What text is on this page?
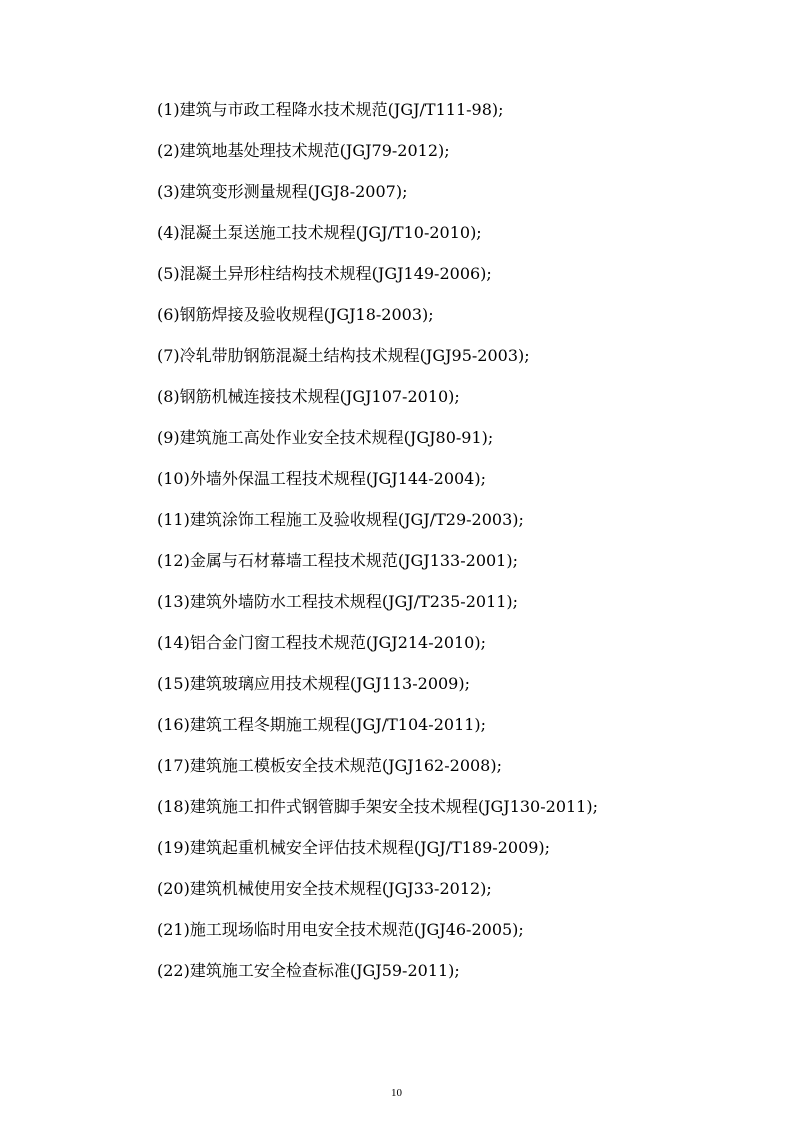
(1)建筑与市政工程降水技术规范(JGJ/T111-98);
(2)建筑地基处理技术规范(JGJ79-2012);
(3)建筑变形测量规程(JGJ8-2007);
(4)混凝土泵送施工技术规程(JGJ/T10-2010);
(5)混凝土异形柱结构技术规程(JGJ149-2006);
(6)钢筋焊接及验收规程(JGJ18-2003);
(7)冷轧带肋钢筋混凝土结构技术规程(JGJ95-2003);
(8)钢筋机械连接技术规程(JGJ107-2010);
(9)建筑施工高处作业安全技术规程(JGJ80-91);
(10)外墙外保温工程技术规程(JGJ144-2004);
(11)建筑涂饰工程施工及验收规程(JGJ/T29-2003);
(12)金属与石材幕墙工程技术规范(JGJ133-2001);
(13)建筑外墙防水工程技术规程(JGJ/T235-2011);
(14)铝合金门窗工程技术规范(JGJ214-2010);
(15)建筑玻璃应用技术规程(JGJ113-2009);
(16)建筑工程冬期施工规程(JGJ/T104-2011);
(17)建筑施工模板安全技术规范(JGJ162-2008);
(18)建筑施工扣件式钢管脚手架安全技术规程(JGJ130-2011);
(19)建筑起重机械安全评估技术规程(JGJ/T189-2009);
(20)建筑机械使用安全技术规程(JGJ33-2012);
(21)施工现场临时用电安全技术规范(JGJ46-2005);
(22)建筑施工安全检查标准(JGJ59-2011);
10
